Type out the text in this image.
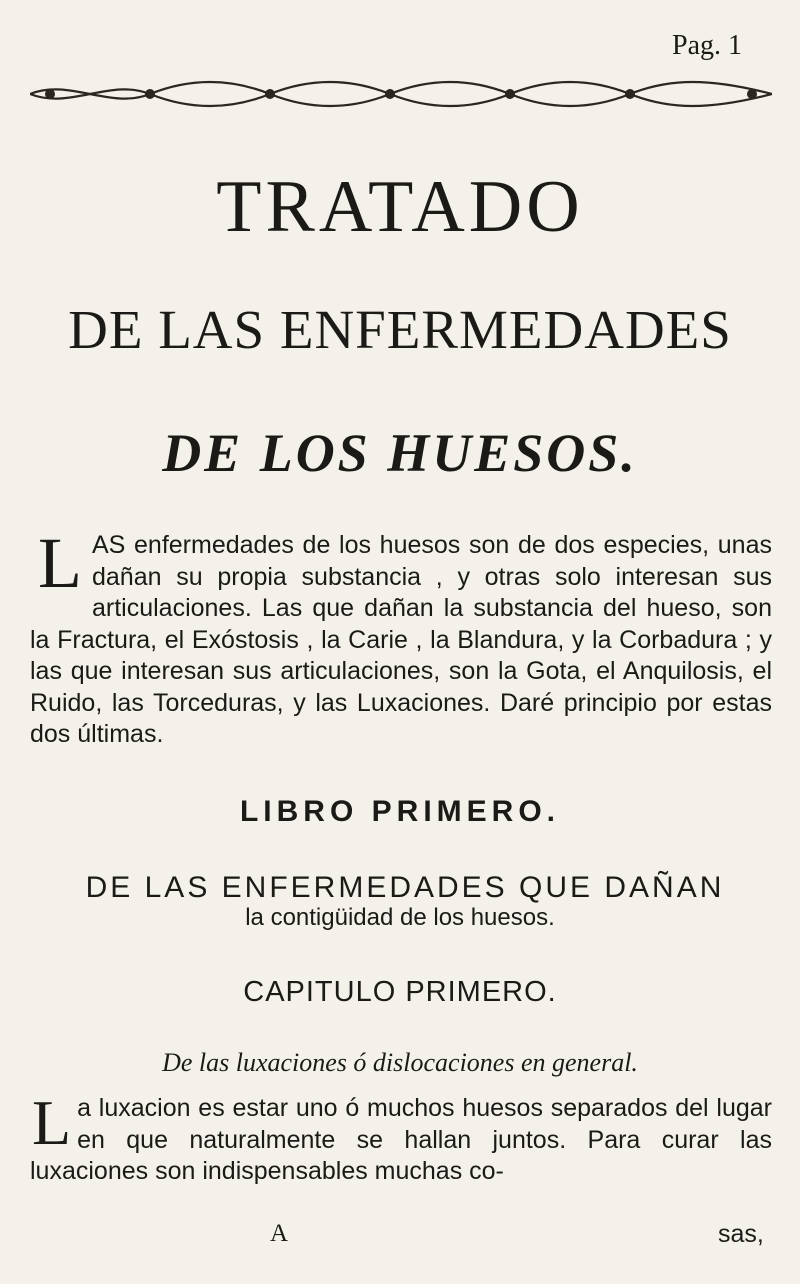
Pag. 1
TRATADO
DE LAS ENFERMEDADES
DE LOS HUESOS.
L AS enfermedades de los huesos son de dos especies, unas dañan su propia substancia , y otras solo interesan sus articulaciones. Las que dañan la substancia del hueso, son la Fractura, el Exóstosis , la Carie , la Blandura, y la Corbadura ; y las que interesan sus articulaciones, son la Gota, el Anquilosis, el Ruido, las Torceduras, y las Luxaciones. Daré principio por estas dos últimas.
LIBRO PRIMERO.
DE LAS ENFERMEDADES QUE DAÑAN
la contigüidad de los huesos.
CAPITULO PRIMERO.
De las luxaciones ó dislocaciones en general.
L a luxacion es estar uno ó muchos huesos separados del lugar en que naturalmente se hallan juntos. Para curar las luxaciones son indispensables muchas co-
A	sas,
